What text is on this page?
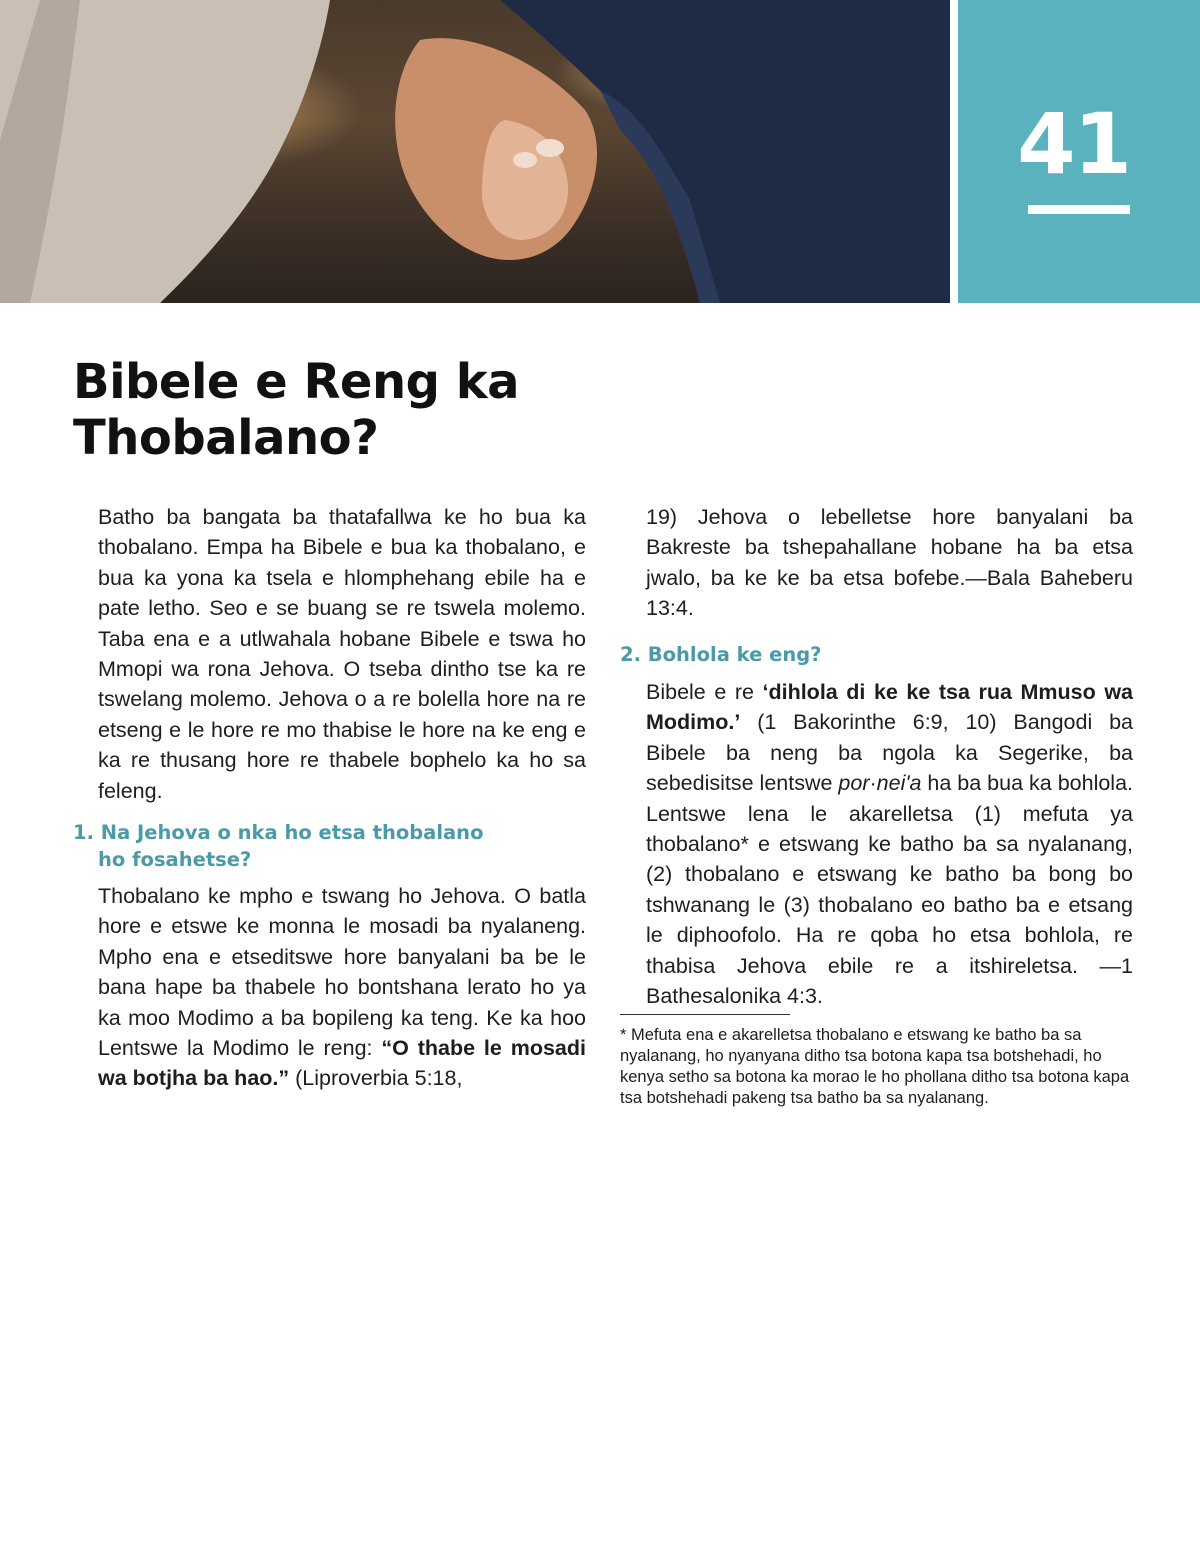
41
Bibele e Reng ka
Thobalano?

Batho ba bangata ba thatafallwa ke ho bua ka thobalano. Empa ha Bibele e bua ka thobalano, e bua ka yona ka tsela e hlomphehang ebile ha e pate letho. Seo e se buang se re tswela molemo. Taba ena e a utlwahala hobane Bibele e tswa ho Mmopi wa rona Jehova. O tseba dintho tse ka re tswelang molemo. Jehova o a re bolella hore na re etseng e le hore re mo thabise le hore na ke eng e ka re thusang hore re thabele bophelo ka ho sa feleng.

1. Na Jehova o nka ho etsa thobalano
ho fosahetse?

Thobalano ke mpho e tswang ho Jehova. O batla hore e etswe ke monna le mosadi ba nyalaneng. Mpho ena e etseditswe hore banyalani ba be le bana hape ba thabele ho bontshana lerato ho ya ka moo Modimo a ba bopileng ka teng. Ke ka hoo Lentswe la Modimo le reng: “O thabe le mosadi wa botjha ba hao.” (Liproverbia 5:18,

19) Jehova o lebelletse hore banyalani ba Bakreste ba tshepahallane hobane ha ba etsa jwalo, ba ke ke ba etsa bofebe.—Bala Baheberu 13:4.

2. Bohlola ke eng?

Bibele e re ‘dihlola di ke ke tsa rua Mmuso wa Modimo.’ (1 Bakorinthe 6:9, 10) Bangodi ba Bibele ba neng ba ngola ka Segerike, ba sebedisitse lentswe por·neiʹa ha ba bua ka bohlola. Lentswe lena le akarelletsa (1) mefuta ya thobalano* e etswang ke batho ba sa nyalanang, (2) thobalano e etswang ke batho ba bong bo tshwanang le (3) thobalano eo batho ba e etsang le diphoofolo. Ha re qoba ho etsa bohlola, re thabisa Jehova ebile re a itshireletsa. —1 Bathesalonika 4:3.

* Mefuta ena e akarelletsa thobalano e etswang ke batho ba sa nyalanang, ho nyanyana ditho tsa botona kapa tsa botshehadi, ho kenya setho sa botona ka morao le ho phollana ditho tsa botona kapa tsa botshehadi pakeng tsa batho ba sa nyalanang.
